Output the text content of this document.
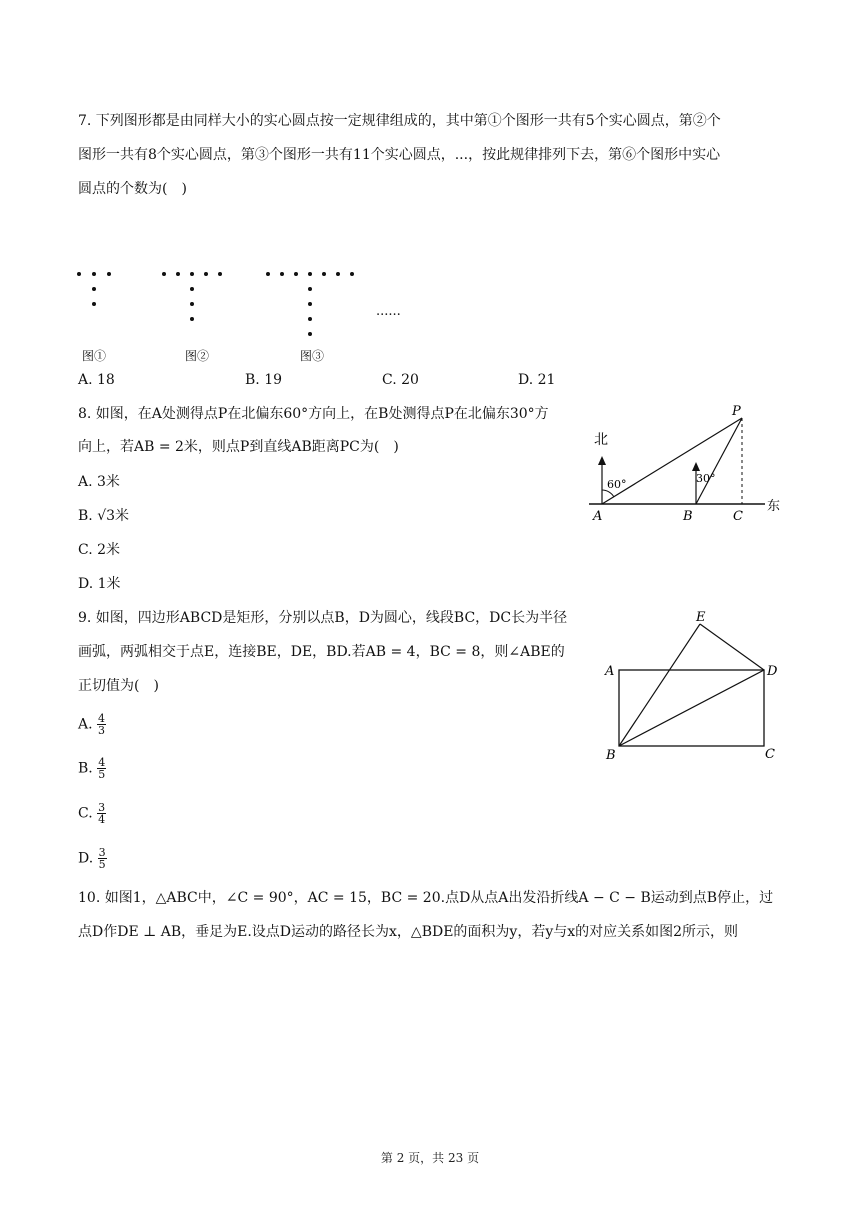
7. 下列图形都是由同样大小的实心圆点按一定规律组成的，其中第①个图形一共有5个实心圆点，第②个
图形一共有8个实心圆点，第③个图形一共有11个实心圆点，...，按此规律排列下去，第⑥个图形中实心
圆点的个数为(　)
......
图①	图②	图③
A. 18	B. 19	C. 20	D. 21
8. 如图，在A处测得点P在北偏东60°方向上，在B处测得点P在北偏东30°方
向上，若AB = 2米，则点P到直线AB距离PC为(　)
A. 3米
B. √3米
C. 2米
D. 1米
北
东
60°	30°
A	B	C
P
9. 如图，四边形ABCD是矩形，分别以点B，D为圆心，线段BC，DC长为半径
画弧，两弧相交于点E，连接BE，DE，BD.若AB = 4，BC = 8，则∠ABE的
正切值为(　)
A. $\frac{4}{3}$
B. $\frac{4}{5}$
C. $\frac{3}{4}$
D. $\frac{3}{5}$
A
B	C
D
E
10. 如图1，△ABC中，∠C = 90°，AC = 15，BC = 20.点D从点A出发沿折线A − C − B运动到点B停止，过
点D作DE ⊥ AB，垂足为E.设点D运动的路径长为x，△BDE的面积为y，若y与x的对应关系如图2所示，则
第 2 页，共 23 页
